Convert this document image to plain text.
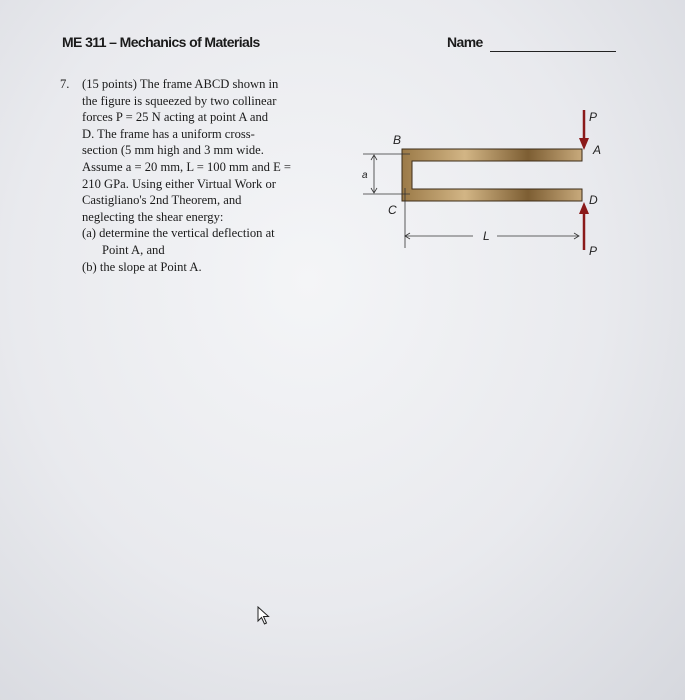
ME 311 – Mechanics of Materials	Name
7. (15 points) The frame ABCD shown in

the figure is squeezed by two collinear

forces P = 25 N acting at point A and

D. The frame has a uniform cross-

section (5 mm high and 3 mm wide.

Assume a = 20 mm, L = 100 mm and E =

210 GPa. Using either Virtual Work or

Castigliano's 2nd Theorem, and

neglecting the shear energy:

(a) determine the vertical deflection at

Point A, and

(b) the slope at Point A.

B
A
C
D
P
P
a
L
